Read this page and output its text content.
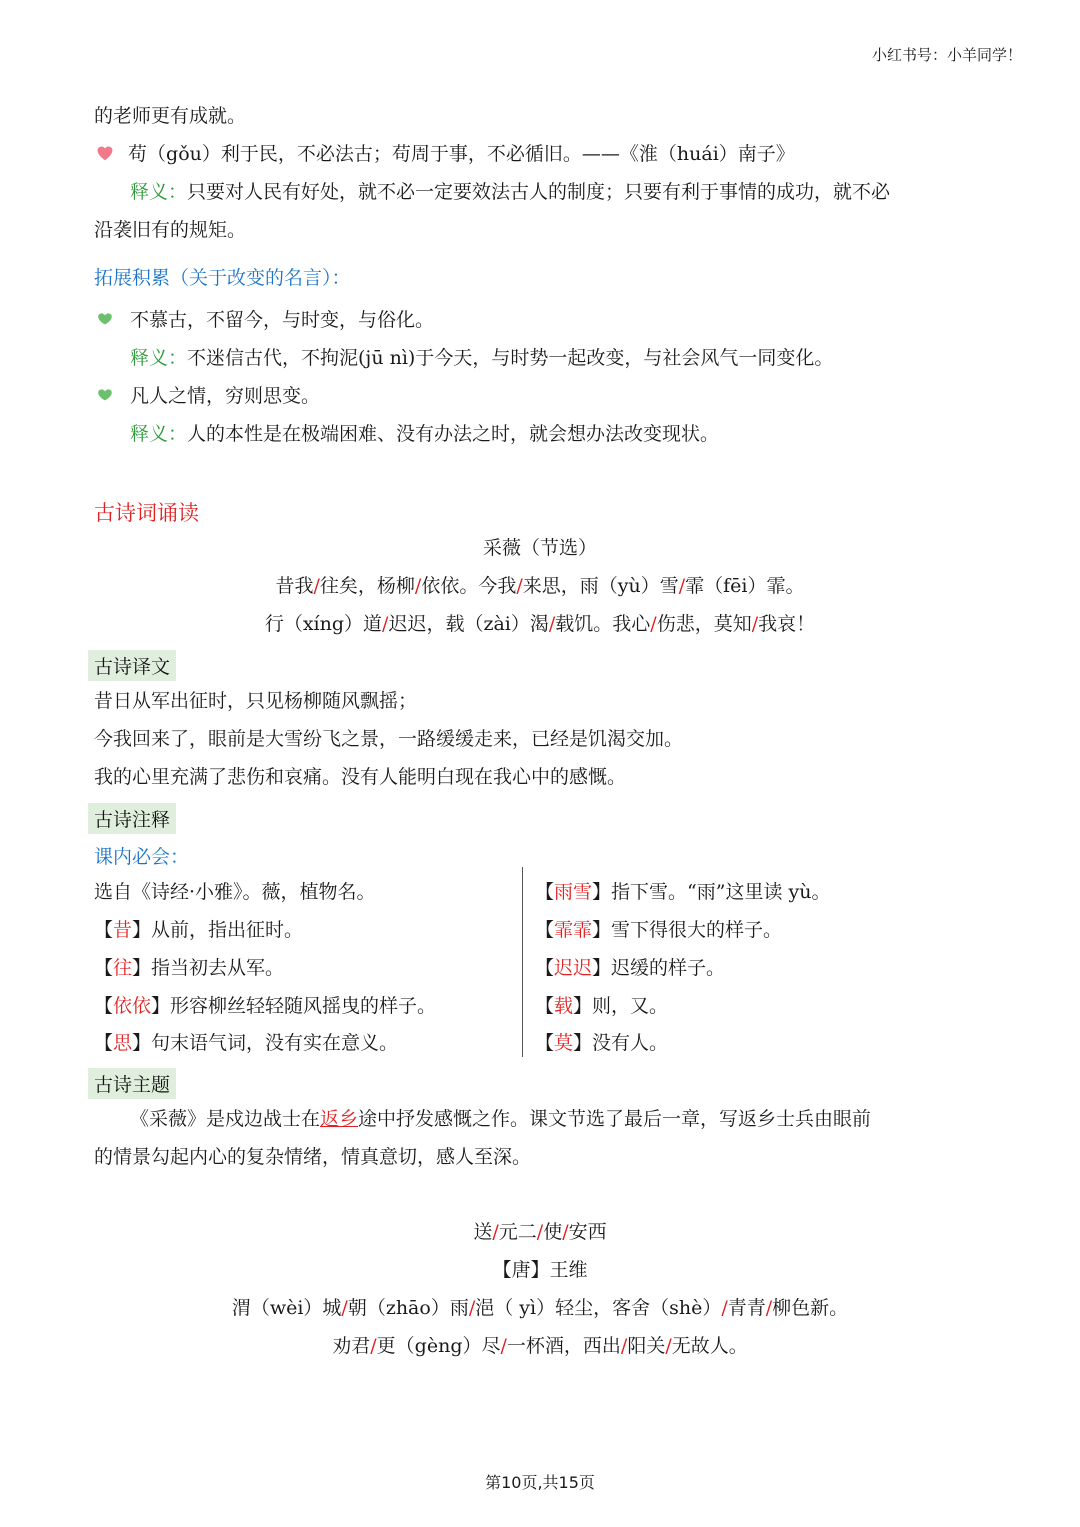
小红书号：小羊同学！
的老师更有成就。
苟（gǒu）利于民，不必法古；苟周于事，不必循旧。——《淮（huái）南子》
释义：只要对人民有好处，就不必一定要效法古人的制度；只要有利于事情的成功，就不必
沿袭旧有的规矩。
拓展积累（关于改变的名言）：
不慕古，不留今，与时变，与俗化。
释义：不迷信古代，不拘泥(jū nì)于今天，与时势一起改变，与社会风气一同变化。
凡人之情，穷则思变。
释义：人的本性是在极端困难、没有办法之时，就会想办法改变现状。
古诗词诵读
采薇（节选）
昔我/往矣，杨柳/依依。今我/来思，雨（yù）雪/霏（fēi）霏。
行（xíng）道/迟迟，载（zài）渴/载饥。我心/伤悲，莫知/我哀！
古诗译文
昔日从军出征时，只见杨柳随风飘摇；
今我回来了，眼前是大雪纷飞之景，一路缓缓走来，已经是饥渴交加。
我的心里充满了悲伤和哀痛。没有人能明白现在我心中的感慨。
古诗注释
课内必会：
选自《诗经·小雅》。薇，植物名。
【昔】从前，指出征时。
【往】指当初去从军。
【依依】形容柳丝轻轻随风摇曳的样子。
【思】句末语气词，没有实在意义。
【雨雪】指下雪。“雨”这里读 yù。
【霏霏】雪下得很大的样子。
【迟迟】迟缓的样子。
【载】则，又。
【莫】没有人。
古诗主题
《采薇》是戍边战士在返乡途中抒发感慨之作。课文节选了最后一章，写返乡士兵由眼前
的情景勾起内心的复杂情绪，情真意切，感人至深。
送/元二/使/安西
【唐】王维
渭（wèi）城/朝（zhāo）雨/浥（ yì）轻尘，客舍（shè）/青青/柳色新。
劝君/更（gèng）尽/一杯酒，西出/阳关/无故人。
第10页,共15页
